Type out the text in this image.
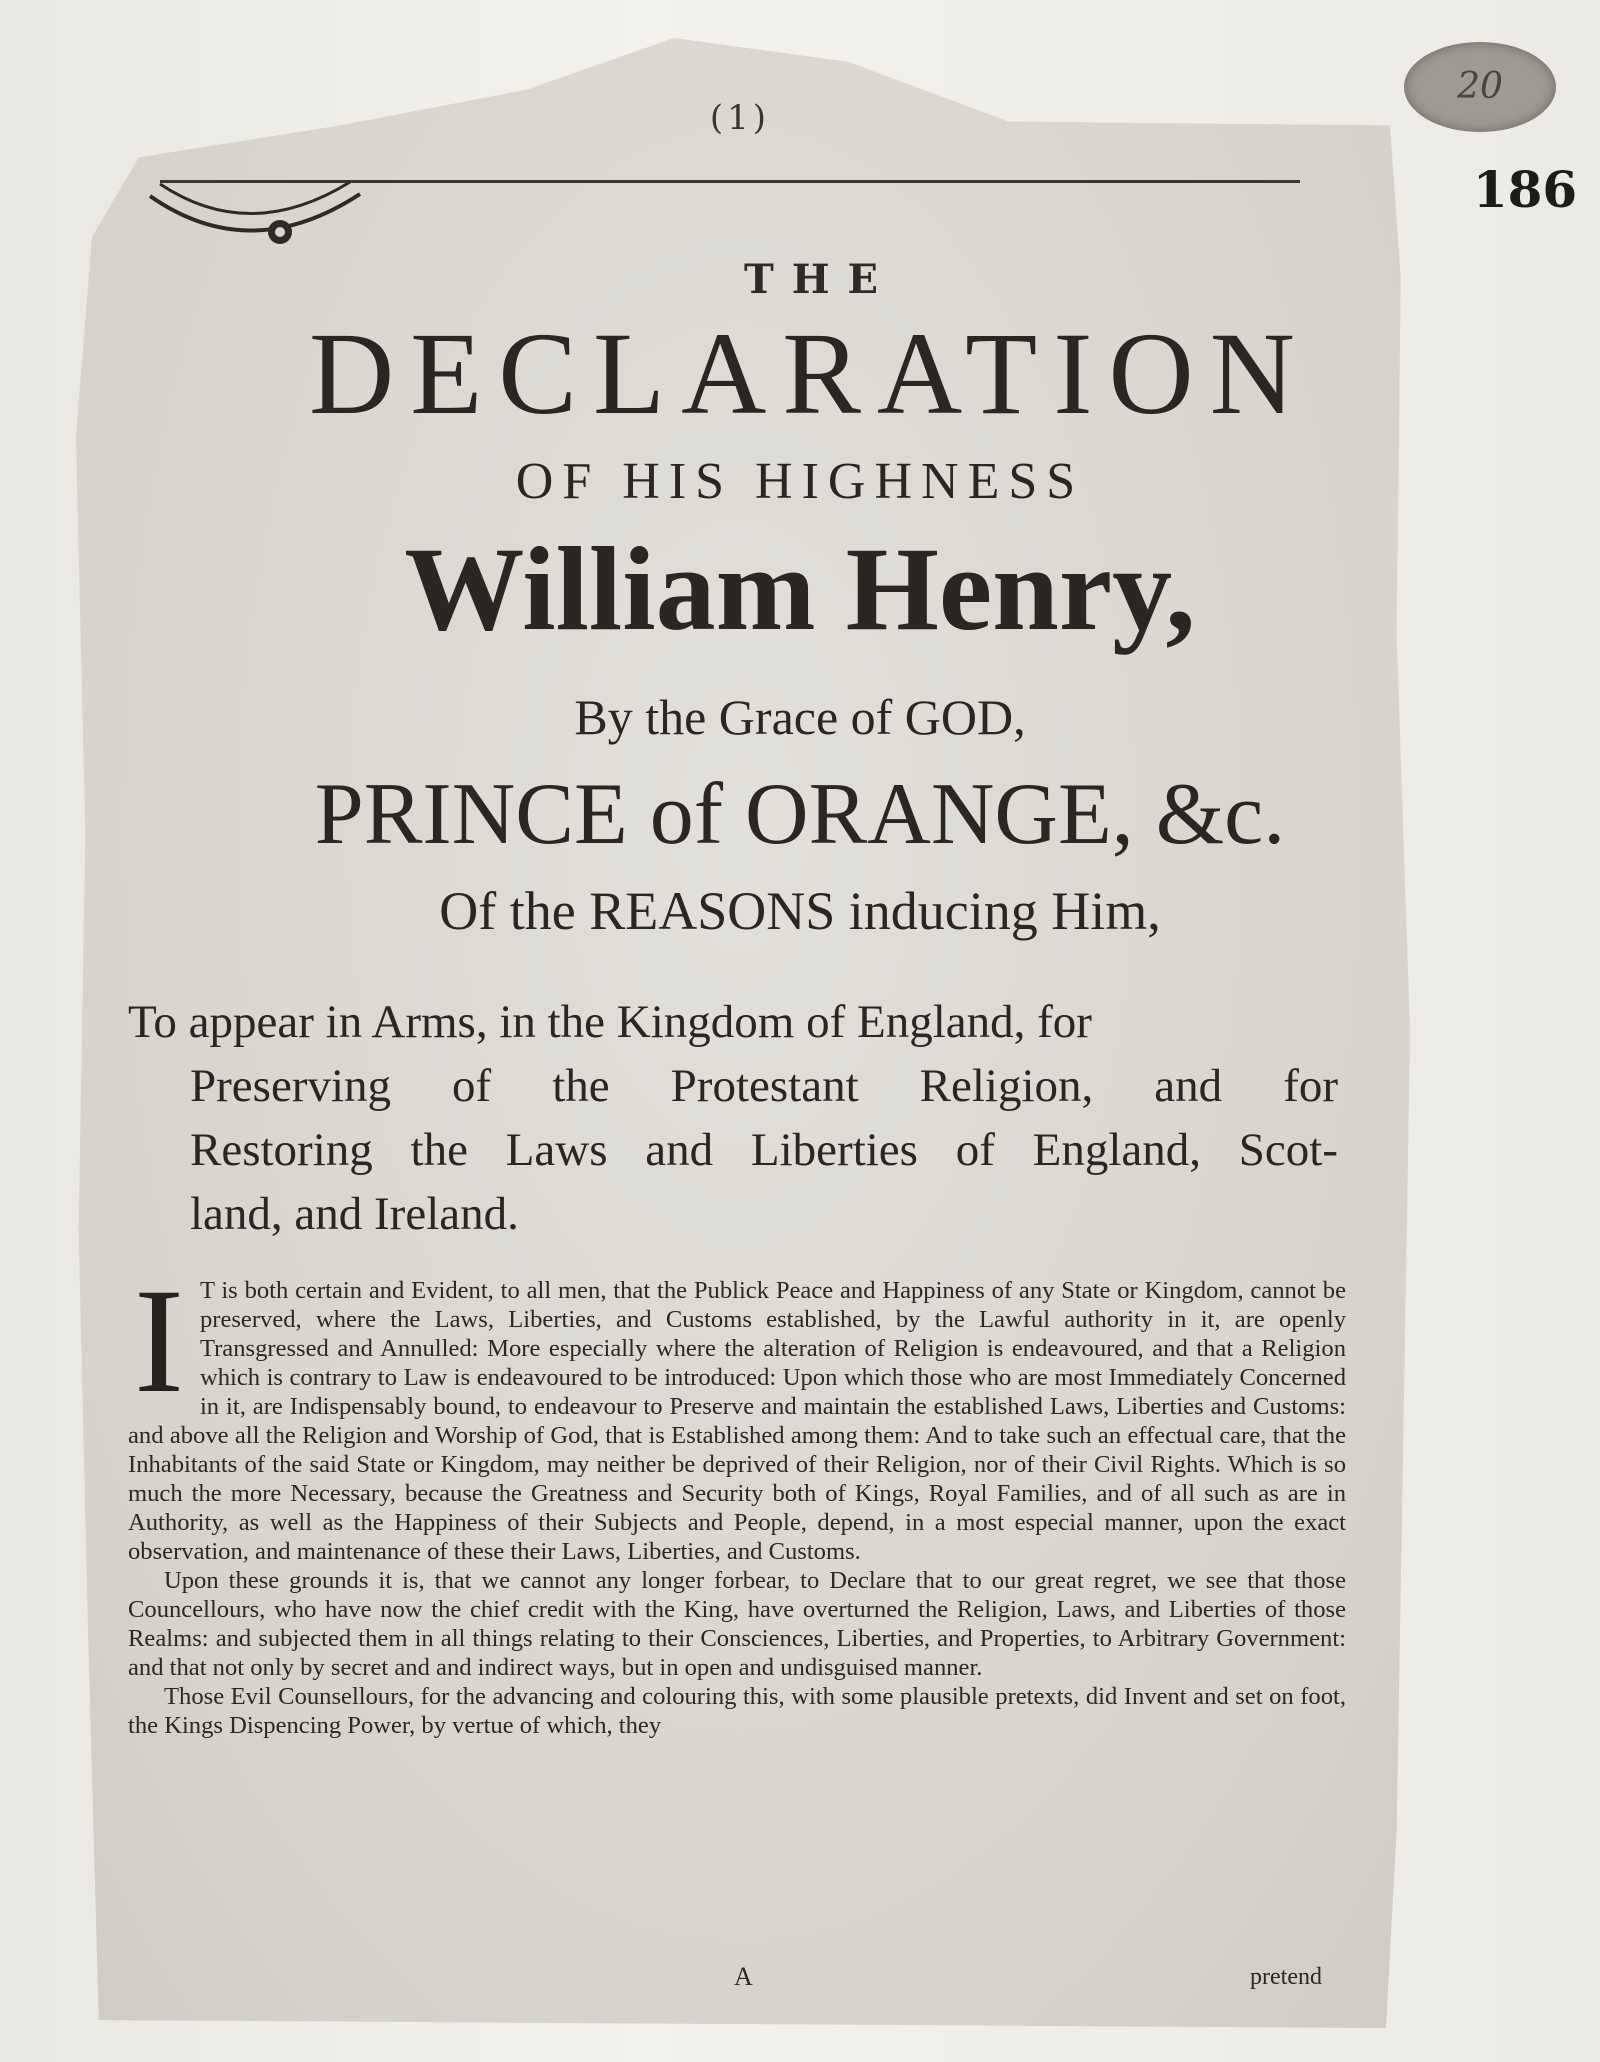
20
186
(1)
THE
DECLARATION
OF HIS HIGHNESS
William Henry,
By the Grace of GOD,
PRINCE of ORANGE, &c.
Of the REASONS inducing Him,
To appear in Arms, in the Kingdom of England, for
Preserving of the Protestant Religion, and for
Restoring the Laws and Liberties of England, Scot-
land, and Ireland.

I T is both certain and Evident, to all men, that the Publick Peace and Happiness of any State or Kingdom, cannot be preserved, where the Laws, Liberties, and Customs established, by the Lawful authority in it, are openly Transgressed and Annulled: More especially where the alteration of Religion is endeavoured, and that a Religion which is contrary to Law is endeavoured to be introduced: Upon which those who are most Immediately Concerned in it, are Indispensably bound, to endeavour to Preserve and maintain the established Laws, Liberties and Customs: and above all the Religion and Worship of God, that is Established among them: And to take such an effectual care, that the Inhabitants of the said State or Kingdom, may neither be deprived of their Religion, nor of their Civil Rights. Which is so much the more Necessary, because the Greatness and Security both of Kings, Royal Families, and of all such as are in Authority, as well as the Happiness of their Subjects and People, depend, in a most especial manner, upon the exact observation, and maintenance of these their Laws, Liberties, and Customs.

Upon these grounds it is, that we cannot any longer forbear, to Declare that to our great regret, we see that those Councellours, who have now the chief credit with the King, have overturned the Religion, Laws, and Liberties of those Realms: and subjected them in all things relating to their Consciences, Liberties, and Properties, to Arbitrary Government: and that not only by secret and and indirect ways, but in open and undisguised manner.

Those Evil Counsellours, for the advancing and colouring this, with some plausible pretexts, did Invent and set on foot, the Kings Dispencing Power, by vertue of which, they

A	pretend
